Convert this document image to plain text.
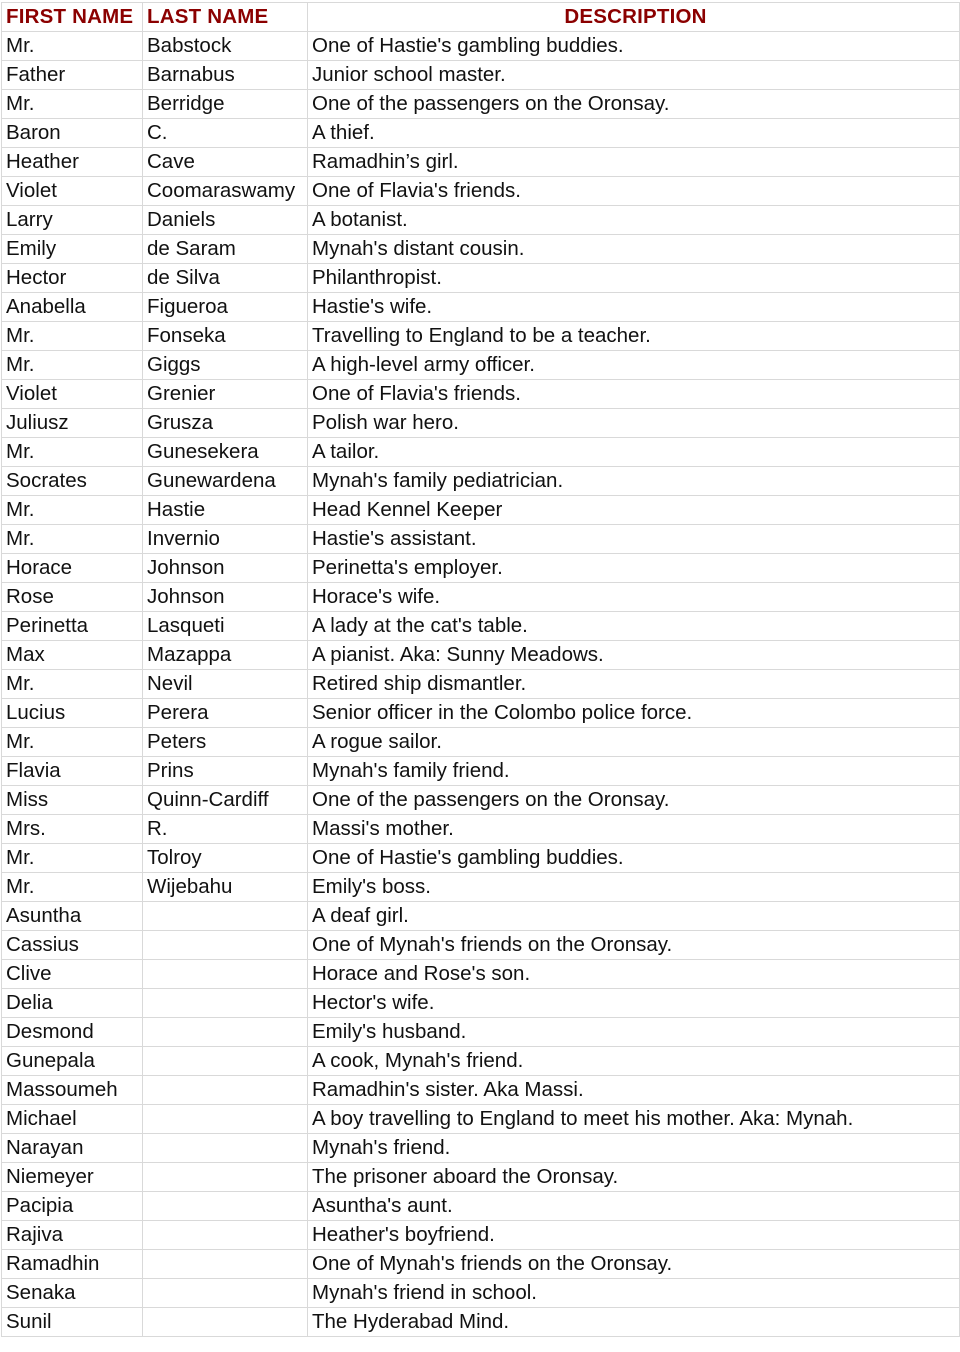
FIRST NAME	LAST NAME	DESCRIPTION
Mr.	Babstock	One of Hastie's gambling buddies.
Father	Barnabus	Junior school master.
Mr.	Berridge	One of the passengers on the Oronsay.
Baron	C.	A thief.
Heather	Cave	Ramadhin’s girl.
Violet	Coomaraswamy	One of Flavia's friends.
Larry	Daniels	A botanist.
Emily	de Saram	Mynah's distant cousin.
Hector	de Silva	Philanthropist.
Anabella	Figueroa	Hastie's wife.
Mr.	Fonseka	Travelling to England to be a teacher.
Mr.	Giggs	A high-level army officer.
Violet	Grenier	One of Flavia's friends.
Juliusz	Grusza	Polish war hero.
Mr.	Gunesekera	A tailor.
Socrates	Gunewardena	Mynah's family pediatrician.
Mr.	Hastie	Head Kennel Keeper
Mr.	Invernio	Hastie's assistant.
Horace	Johnson	Perinetta's employer.
Rose	Johnson	Horace's wife.
Perinetta	Lasqueti	A lady at the cat's table.
Max	Mazappa	A pianist. Aka: Sunny Meadows.
Mr.	Nevil	Retired ship dismantler.
Lucius	Perera	Senior officer in the Colombo police force.
Mr.	Peters	A rogue sailor.
Flavia	Prins	Mynah's family friend.
Miss	Quinn-Cardiff	One of the passengers on the Oronsay.
Mrs.	R.	Massi's mother.
Mr.	Tolroy	One of Hastie's gambling buddies.
Mr.	Wijebahu	Emily's boss.
Asuntha		A deaf girl.
Cassius		One of Mynah's friends on the Oronsay.
Clive		Horace and Rose's son.
Delia		Hector's wife.
Desmond		Emily's husband.
Gunepala		A cook, Mynah's friend.
Massoumeh		Ramadhin's sister. Aka Massi.
Michael		A boy travelling to England to meet his mother. Aka: Mynah.
Narayan		Mynah's friend.
Niemeyer		The prisoner aboard the Oronsay.
Pacipia		Asuntha's aunt.
Rajiva		Heather's boyfriend.
Ramadhin		One of Mynah's friends on the Oronsay.
Senaka		Mynah's friend in school.
Sunil		The Hyderabad Mind.
